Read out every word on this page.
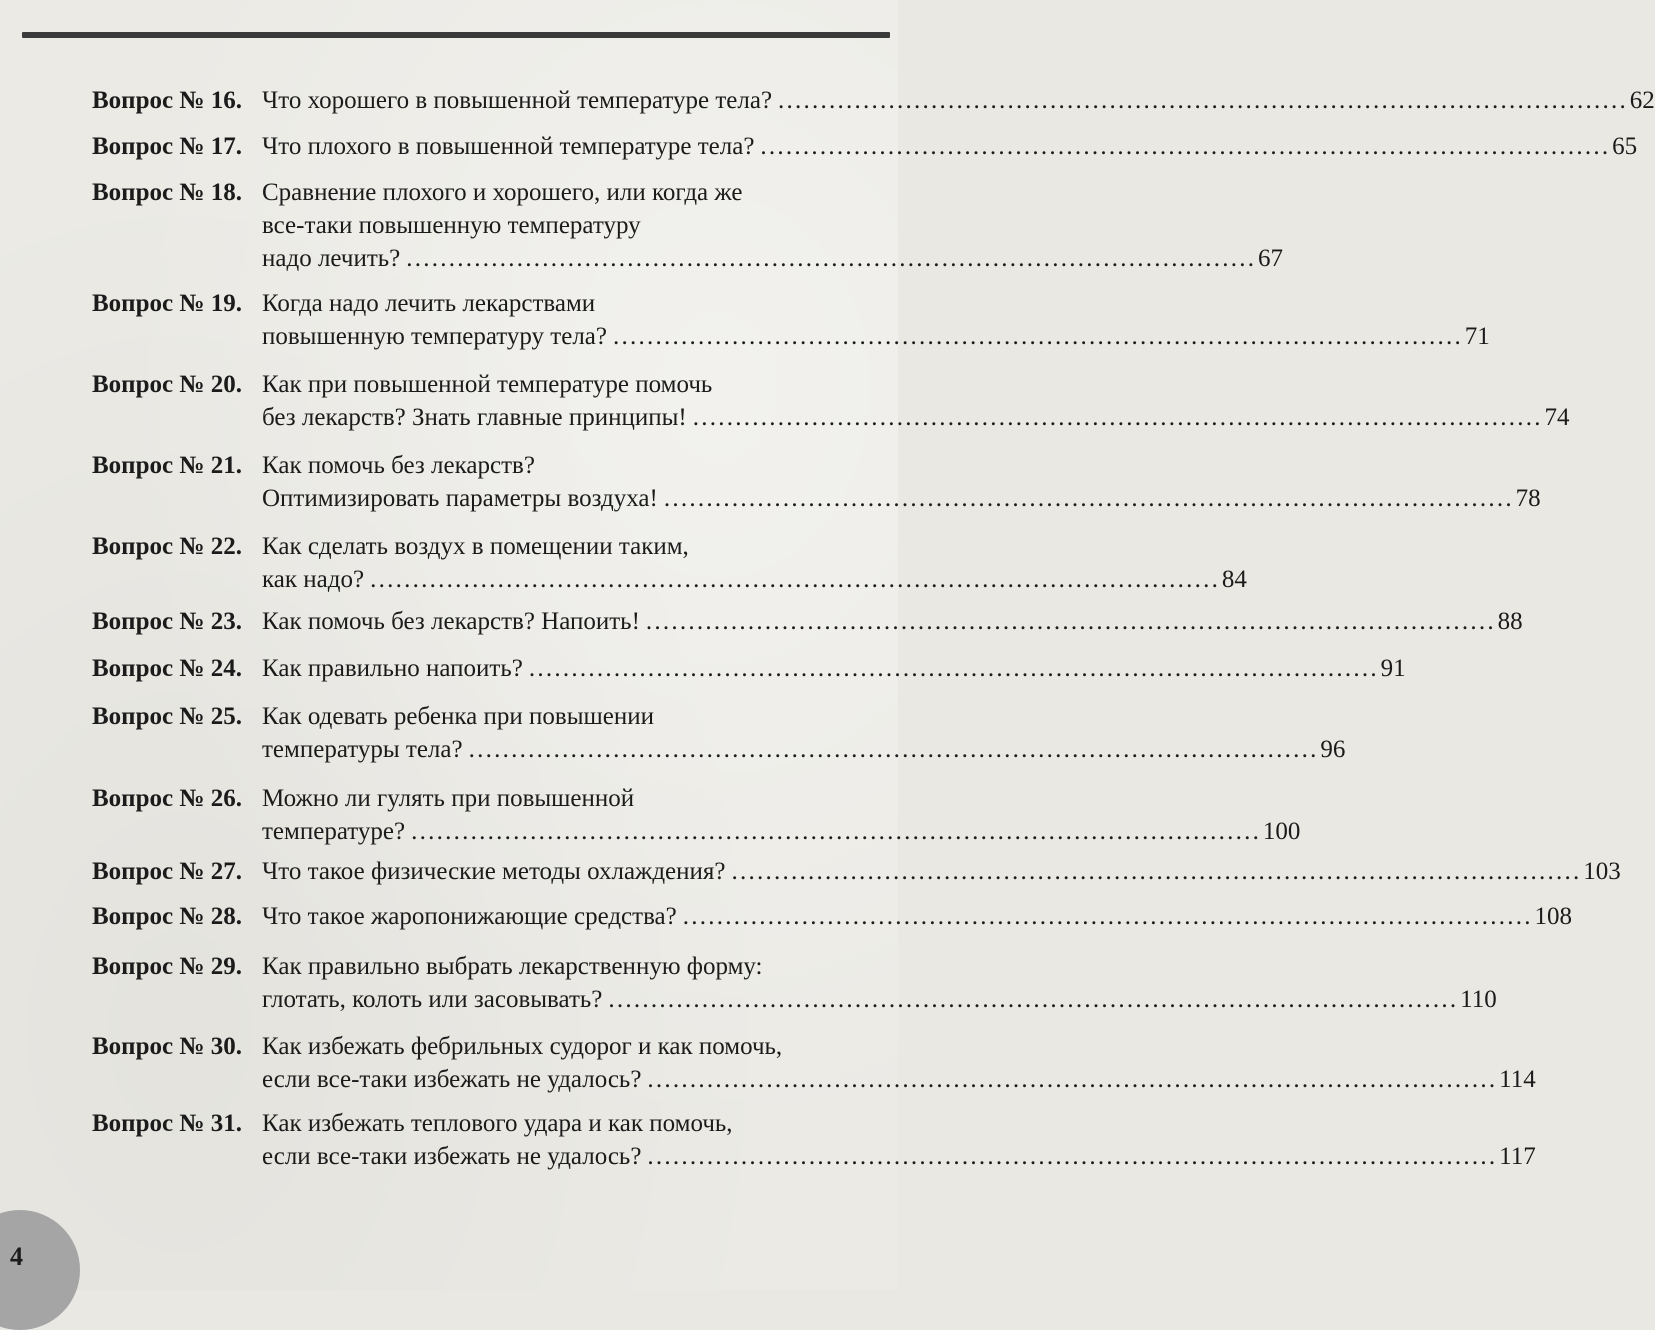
Вопрос № 16. Что хорошего в повышенной температуре тела? . . .	62
Вопрос № 17. Что плохого в повышенной температуре тела? . . .	65
Вопрос № 18. Сравнение плохого и хорошего, или когда же
все-таки повышенную температуру
надо лечить? . . .	67
Вопрос № 19. Когда надо лечить лекарствами
повышенную температуру тела? . . .	71
Вопрос № 20. Как при повышенной температуре помочь
без лекарств? Знать главные принципы! . . .	74
Вопрос № 21. Как помочь без лекарств?
Оптимизировать параметры воздуха! . . .	78
Вопрос № 22. Как сделать воздух в помещении таким,
как надо? . . .	84
Вопрос № 23. Как помочь без лекарств? Напоить! . . .	88
Вопрос № 24. Как правильно напоить? . . .	91
Вопрос № 25. Как одевать ребенка при повышении
температуры тела? . . .	96
Вопрос № 26. Можно ли гулять при повышенной
температуре? . . .	100
Вопрос № 27. Что такое физические методы охлаждения? . . .	103
Вопрос № 28. Что такое жаропонижающие средства? . . .	108
Вопрос № 29. Как правильно выбрать лекарственную форму:
глотать, колоть или засовывать? . . .	110
Вопрос № 30. Как избежать фебрильных судорог и как помочь,
если все-таки избежать не удалось? . . .	114
Вопрос № 31. Как избежать теплового удара и как помочь,
если все-таки избежать не удалось? . . .	117
4
